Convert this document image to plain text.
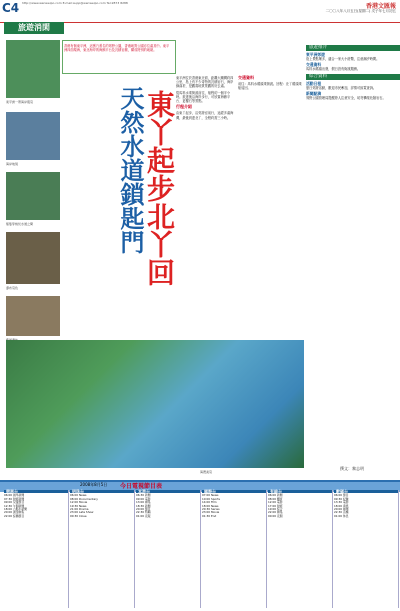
C4 http://www.wenweipo.com E-mail:supp@wenweipo.com Tel:2873 8288	香港文匯報
二〇〇八年八月五日(星期二) 戊子年七月初五
旅遊消閑
香港有個東平洲，這裏乃著名的郊野公園，香港地質公園亦位處其中。東平洲四面環海，東北海岸的海蝕平台及沉積岩層，構成特別的地貌。
東平洲一帶海岸風景
海岸地貌
船隻穿梭於水道之間
瀑布景色
天然水道鎖匙門 東丫起步北丫回

東平洲位於香港東北面，距離大鵬灣約四公里，島上有不少奇特的沉積岩石，海岸線曲折，是觀賞地質景觀的好去處。

從馬料水乘街渡前往，船程約一個半小時。抵達後沿海岸步行，可欣賞海蝕平台、更樓石等景點。

行程介紹

由東丫起步，沿郊遊徑前行，途經多處海灣，最後到達北丫，全程約需三小時。

交通資料

前往：馬料水碼頭乘街渡。回程：北丫碼頭乘船返回。

海灣美景
旅遊推介
東平洲郊遊
島上景點眾多，適合一家大小遊覽，注意潮汐時間。
交通資料
馬料水碼頭出發，假日設有街渡服務。
綜合資料
活動日程
夏日郊遊活動，歡迎市民參加，詳情可致電查詢。
新聞點滴
郊野公園管理局提醒遊人注意安全，切勿攀爬危險岩石。
撰文：黎志明
2008年8月5日 今日電視節目表
翡翠台
06:00 晨早新聞
07:30 財經新聞
09:00 兒童節目
12:30 午間新聞
18:00 六點半新聞
20:00 黃金劇集
22:00 綜藝節目
明珠台
06:00 News
08:00 Documentary
12:00 Movie
19:30 News
21:00 Drama
23:00 Late Show
00:30 Close
本港台
06:30 新聞
09:00 電影
13:00 劇集
18:30 新聞
20:00 節目
22:30 特輯
01:00 夜報
國際台
07:00 News
10:00 Sports
14:00 Film
18:00 News
20:30 Series
23:00 Movie
01:30 End
有線台
06:00 新聞
08:00 體育
12:00 電影
17:00 財經
19:00 綜合
22:00 劇集
00:00 夜間
數碼台
06:00 節目
09:30 紀錄
13:30 電影
18:00 資訊
20:00 劇場
22:30 音樂
01:00 休息
